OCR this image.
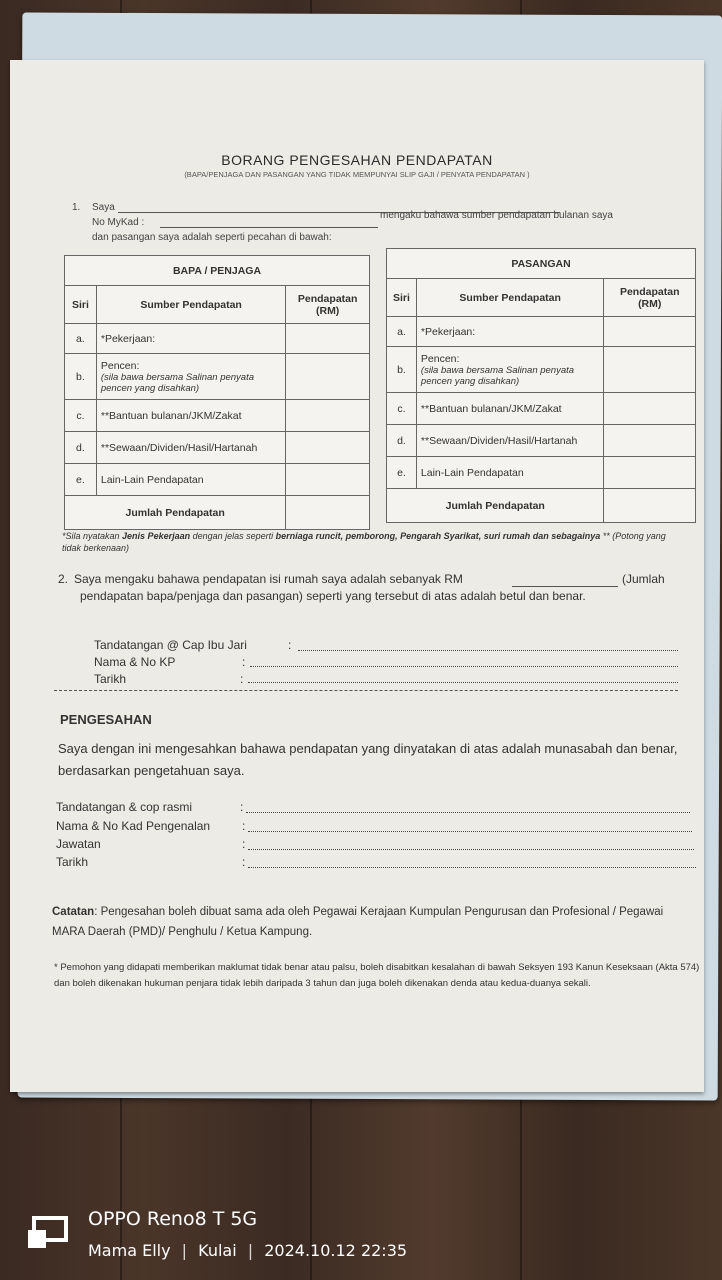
BORANG PENGESAHAN PENDAPATAN
(BAPA/PENJAGA DAN PASANGAN YANG TIDAK MEMPUNYAI SLIP GAJI / PENYATA PENDAPATAN )
1. Saya
No MyKad :
mengaku bahawa sumber pendapatan bulanan saya
dan pasangan saya adalah seperti pecahan di bawah:
BAPA / PENJAGA		
Siri	Sumber Pendapatan	Pendapatan (RM)
a.	*Pekerjaan:	
b.	Pencen:
(sila bawa bersama Salinan penyata pencen yang disahkan)	

c.	**Bantuan bulanan/JKM/Zakat	
d.	**Sewaan/Dividen/Hasil/Hartanah	
e.	Lain-Lain Pendapatan	
Jumlah Pendapatan		
PASANGAN		
Siri	Sumber Pendapatan	Pendapatan (RM)
a.	*Pekerjaan:	
b.	Pencen:
(sila bawa bersama Salinan penyata pencen yang disahkan)	

c.	**Bantuan bulanan/JKM/Zakat	
d.	**Sewaan/Dividen/Hasil/Hartanah	
e.	Lain-Lain Pendapatan	
Jumlah Pendapatan		
*Sila nyatakan Jenis Pekerjaan dengan jelas seperti berniaga runcit, pemborong, Pengarah Syarikat, suri rumah dan sebagainya ** (Potong yang tidak berkenaan)
2. Saya mengaku bahawa pendapatan isi rumah saya adalah sebanyak RM	(Jumlah
pendapatan bapa/penjaga dan pasangan) seperti yang tersebut di atas adalah betul dan benar.
Tandatangan @ Cap Ibu Jari	:
Nama & No KP	:
Tarikh	:
PENGESAHAN
Saya dengan ini mengesahkan bahawa pendapatan yang dinyatakan di atas adalah munasabah dan benar, berdasarkan pengetahuan saya.
Tandatangan & cop rasmi	:
Nama & No Kad Pengenalan	:
Jawatan	:
Tarikh	:
Catatan: Pengesahan boleh dibuat sama ada oleh Pegawai Kerajaan Kumpulan Pengurusan dan Profesional / Pegawai MARA Daerah (PMD)/ Penghulu / Ketua Kampung.
* Pemohon yang didapati memberikan maklumat tidak benar atau palsu, boleh disabitkan kesalahan di bawah Seksyen 193 Kanun Keseksaan (Akta 574) dan boleh dikenakan hukuman penjara tidak lebih daripada 3 tahun dan juga boleh dikenakan denda atau kedua-duanya sekali.
OPPO Reno8 T 5G
Mama Elly | Kulai | 2024.10.12 22:35
